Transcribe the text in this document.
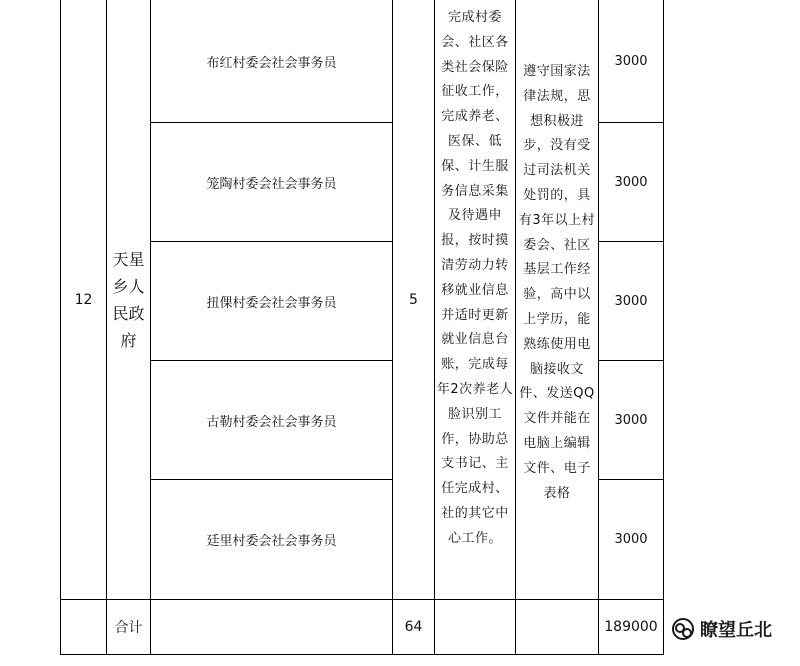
12
天星
乡人
民政
府
布红村委会社会事务员
笼陶村委会社会事务员
扭倮村委会社会事务员
古勒村委会社会事务员
廷里村委会社会事务员
5
完成村委
会、社区各
类社会保险
征收工作，
完成养老、
医保、低
保、计生服
务信息采集
及待遇申
报，按时摸
清劳动力转
移就业信息
并适时更新
就业信息台
账，完成每
年2次养老人
脸识别工
作，协助总
支书记、主
任完成村、
社的其它中
心工作。
遵守国家法
律法规，思
想积极进
步，没有受
过司法机关
处罚的，具
有3年以上村
委会、社区
基层工作经
验，高中以
上学历，能
熟练使用电
脑接收文
件、发送QQ
文件并能在
电脑上编辑
文件、电子
表格
3000
3000
3000
3000
3000
合计	64	189000 瞭望丘北
